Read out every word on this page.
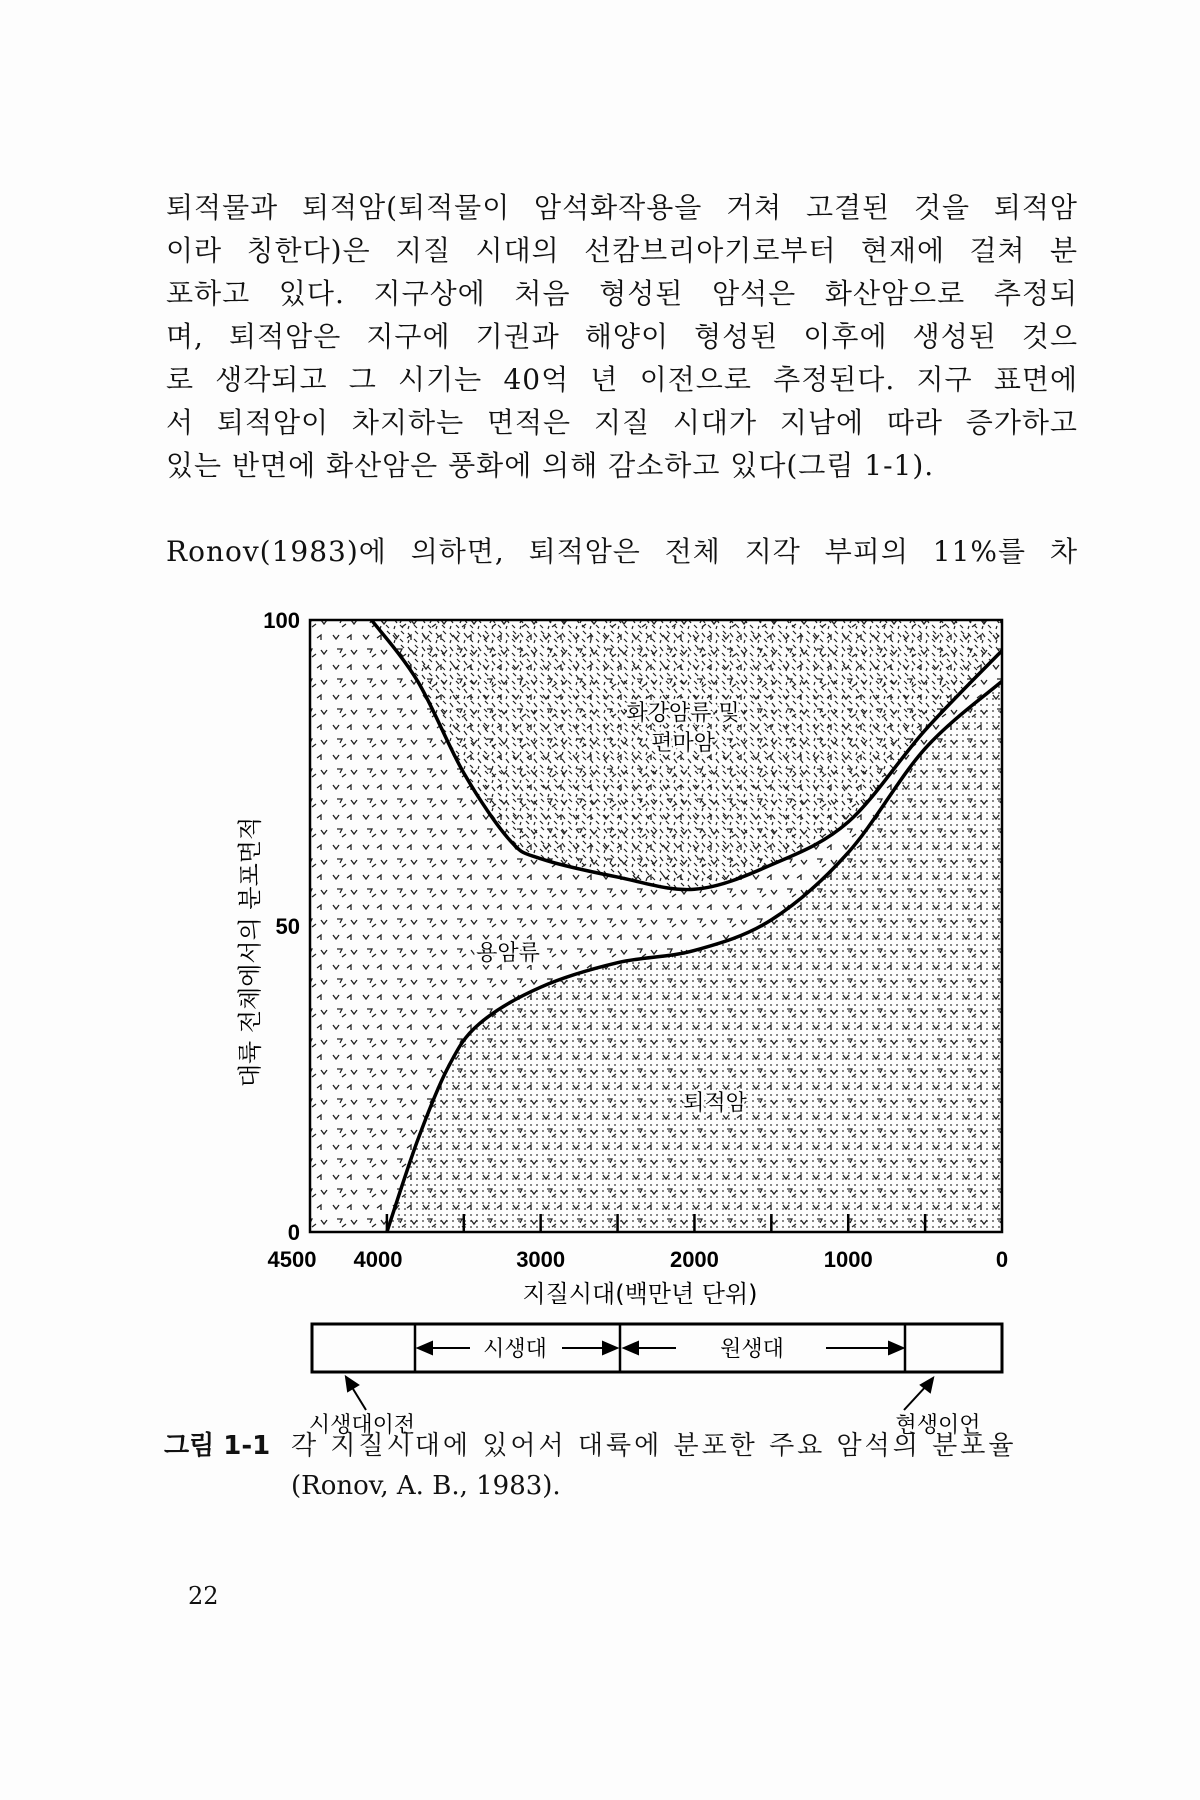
퇴적물과 퇴적암(퇴적물이 암석화작용을 거쳐 고결된 것을 퇴적암
이라 칭한다)은 지질 시대의 선캄브리아기로부터 현재에 걸쳐 분
포하고 있다. 지구상에 처음 형성된 암석은 화산암으로 추정되
며, 퇴적암은 지구에 기권과 해양이 형성된 이후에 생성된 것으
로 생각되고 그 시기는 40억 년 이전으로 추정된다. 지구 표면에
서 퇴적암이 차지하는 면적은 지질 시대가 지남에 따라 증가하고
있는 반면에 화산암은 풍화에 의해 감소하고 있다(그림 1-1).
Ronov(1983)에 의하면, 퇴적암은 전체 지각 부피의 11%를 차
4500 4000	3000	2000	1000	0
100
50
0
화강암류 및
편마암
용암류
퇴적암
지질시대(백만년 단위)
대륙 전체에서의 분포면적
시생대	원생대
시생대이전	현생이언
그림 1-1 각 지질시대에 있어서 대륙에 분포한 주요 암석의 분포율
(Ronov, A. B., 1983).
22
